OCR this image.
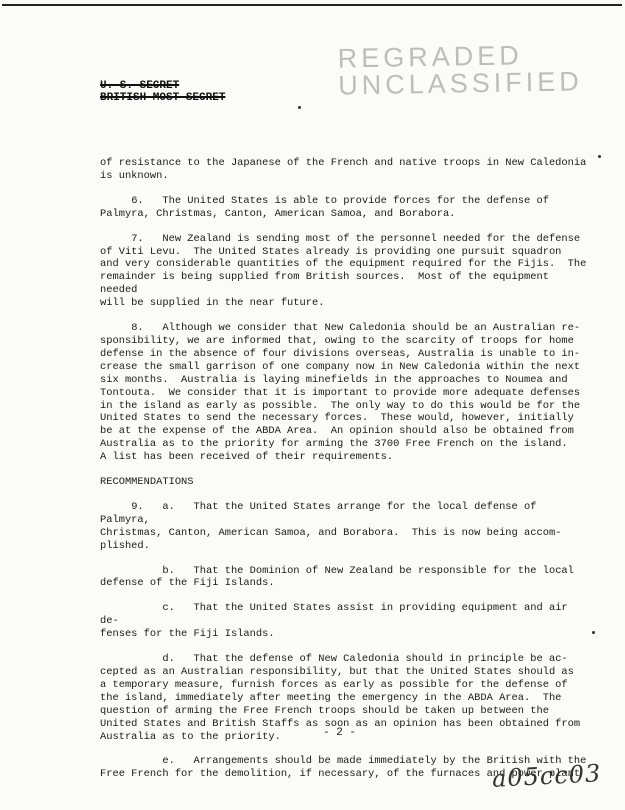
REGRADED
UNCLASSIFIED
U. S. SECRET
BRITISH MOST SECRET

of resistance to the Japanese of the French and native troops in New Caledonia
is unknown.

6.   The United States is able to provide forces for the defense of
Palmyra, Christmas, Canton, American Samoa, and Borabora.

7.   New Zealand is sending most of the personnel needed for the defense
of Viti Levu.  The United States already is providing one pursuit squadron
and very considerable quantities of the equipment required for the Fijis.  The
remainder is being supplied from British sources.  Most of the equipment needed
will be supplied in the near future.

8.   Although we consider that New Caledonia should be an Australian re-
sponsibility, we are informed that, owing to the scarcity of troops for home
defense in the absence of four divisions overseas, Australia is unable to in-
crease the small garrison of one company now in New Caledonia within the next
six months.  Australia is laying minefields in the approaches to Noumea and
Tontouta.  We consider that it is important to provide more adequate defenses
in the island as early as possible.  The only way to do this would be for the
United States to send the necessary forces.  These would, however, initially
be at the expense of the ABDA Area.  An opinion should also be obtained from
Australia as to the priority for arming the 3700 Free French on the island.
A list has been received of their requirements.

RECOMMENDATIONS

9.   a.   That the United States arrange for the local defense of Palmyra,
Christmas, Canton, American Samoa, and Borabora.  This is now being accom-
plished.

b.   That the Dominion of New Zealand be responsible for the local
defense of the Fiji Islands.

c.   That the United States assist in providing equipment and air de-
fenses for the Fiji Islands.

d.   That the defense of New Caledonia should in principle be ac-
cepted as an Australian responsibility, but that the United States should as
a temporary measure, furnish forces as early as possible for the defense of
the island, immediately after meeting the emergency in the ABDA Area.  The
question of arming the Free French troops should be taken up between the
United States and British Staffs as soon as an opinion has been obtained from
Australia as to the priority.

e.   Arrangements should be made immediately by the British with the
Free French for the demolition, if necessary, of the furnaces and power plant

- 2 -
a05cc03
